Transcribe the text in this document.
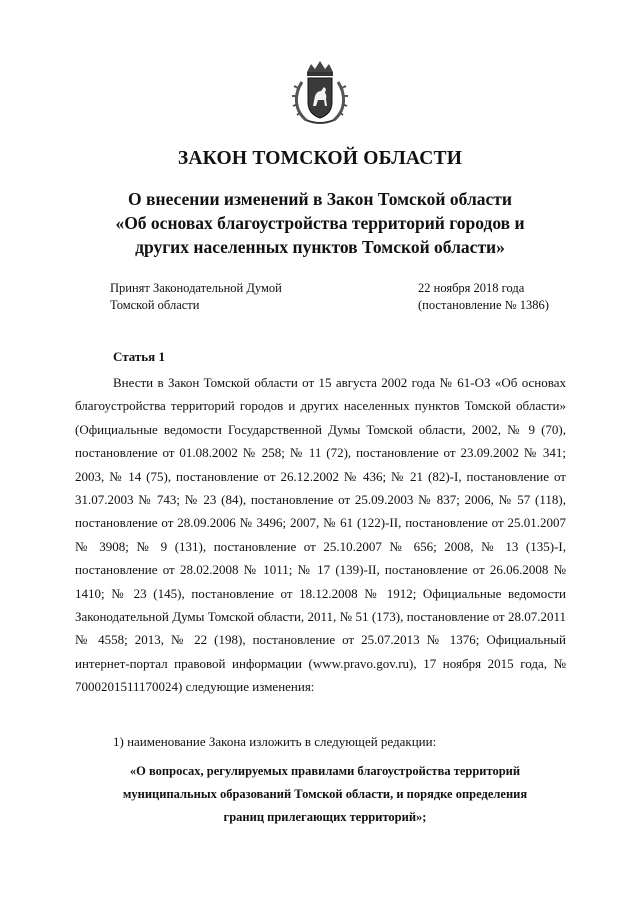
ЗАКОН ТОМСКОЙ ОБЛАСТИ
О внесении изменений в Закон Томской области
«Об основах благоустройства территорий городов и
других населенных пунктов Томской области»
Принят Законодательной Думой
Томской области
22 ноября 2018 года
(постановление № 1386)
Статья 1
Внести в Закон Томской области от 15 августа 2002 года № 61-ОЗ «Об основах благоустройства территорий городов и других населенных пунктов Томской области» (Официальные ведомости Государственной Думы Томской области, 2002, № 9 (70), постановление от 01.08.2002 № 258; № 11 (72), постановление от 23.09.2002 № 341; 2003, № 14 (75), постановление от 26.12.2002 № 436; № 21 (82)-I, постановление от 31.07.2003 № 743; № 23 (84), постановление от 25.09.2003 № 837; 2006, № 57 (118), постановление от 28.09.2006 № 3496; 2007, № 61 (122)-II, постановление от 25.01.2007 № 3908; № 9 (131), постановление от 25.10.2007 № 656; 2008, № 13 (135)-I, постановление от 28.02.2008 № 1011; № 17 (139)-II, постановление от 26.06.2008 № 1410; № 23 (145), постановление от 18.12.2008 № 1912; Официальные ведомости Законодательной Думы Томской области, 2011, № 51 (173), постановление от 28.07.2011 № 4558; 2013, № 22 (198), постановление от 25.07.2013 № 1376; Официальный интернет-портал правовой информации (www.pravo.gov.ru), 17 ноября 2015 года, № 7000201511170024) следующие изменения:
1) наименование Закона изложить в следующей редакции:
«О вопросах, регулируемых правилами благоустройства территорий
муниципальных образований Томской области, и порядке определения
границ прилегающих территорий»;
